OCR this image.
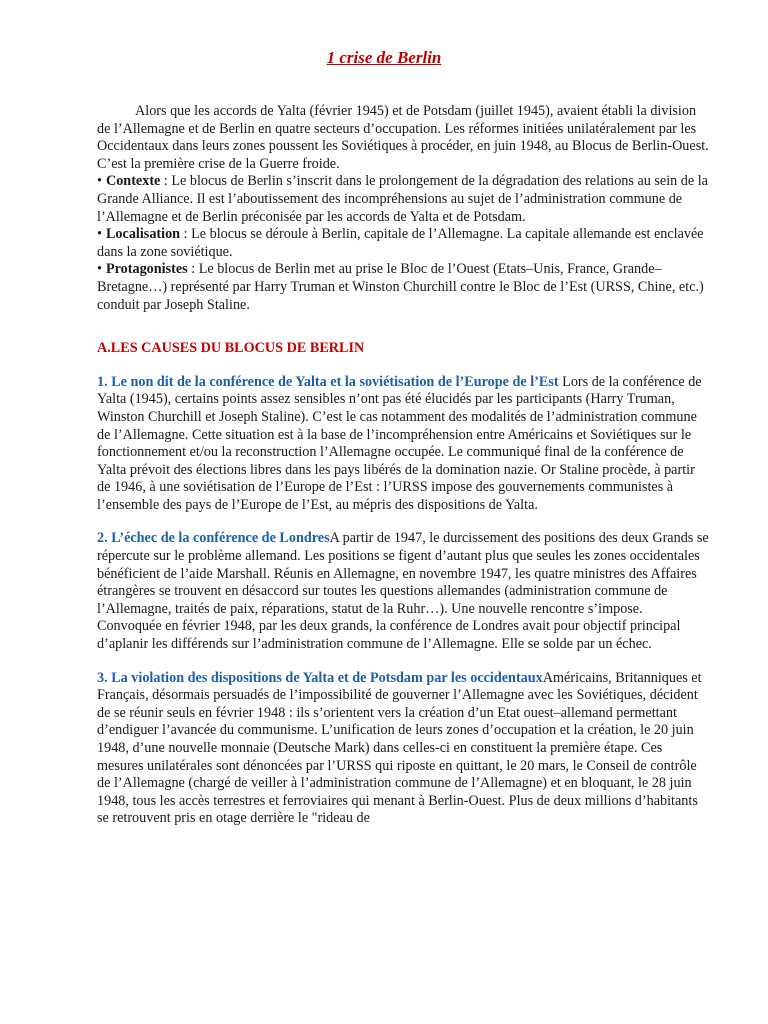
1 crise de Berlin

Alors que les accords de Yalta (février 1945) et de Potsdam (juillet 1945), avaient établi la division de l’Allemagne et de Berlin en quatre secteurs d’occupation. Les réformes initiées unilatéralement par les Occidentaux dans leurs zones poussent les Soviétiques à procéder, en juin 1948, au Blocus de Berlin-Ouest. C’est la première crise de la Guerre froide.

• Contexte : Le blocus de Berlin s’inscrit dans le prolongement de la dégradation des relations au sein de la Grande Alliance. Il est l’aboutissement des incompréhensions au sujet de l’administration commune de l’Allemagne et de Berlin préconisée par les accords de Yalta et de Potsdam.

• Localisation : Le blocus se déroule à Berlin, capitale de l’Allemagne. La capitale allemande est enclavée dans la zone soviétique.

• Protagonistes : Le blocus de Berlin met au prise le Bloc de l’Ouest (Etats–Unis, France, Grande– Bretagne…) représenté par Harry Truman et Winston Churchill contre le Bloc de l’Est (URSS, Chine, etc.) conduit par Joseph Staline.

A.LES CAUSES DU BLOCUS DE BERLIN

1. Le non dit de la conférence de Yalta et la soviétisation de l’Europe de l’Est Lors de la conférence de Yalta (1945), certains points assez sensibles n’ont pas été élucidés par les participants (Harry Truman, Winston Churchill et Joseph Staline). C’est le cas notamment des modalités de l’administration commune de l’Allemagne. Cette situation est à la base de l’incompréhension entre Américains et Soviétiques sur le fonctionnement et/ou la reconstruction l’Allemagne occupée. Le communiqué final de la conférence de Yalta prévoit des élections libres dans les pays libérés de la domination nazie. Or Staline procède, à partir de 1946, à une soviétisation de l’Europe de l’Est : l’URSS impose des gouvernements communistes à l’ensemble des pays de l’Europe de l’Est, au mépris des dispositions de Yalta.

2. L’échec de la conférence de LondresA partir de 1947, le durcissement des positions des deux Grands se répercute sur le problème allemand. Les positions se figent d’autant plus que seules les zones occidentales bénéficient de l’aide Marshall. Réunis en Allemagne, en novembre 1947, les quatre ministres des Affaires étrangères se trouvent en désaccord sur toutes les questions allemandes (administration commune de l’Allemagne, traités de paix, réparations, statut de la Ruhr…). Une nouvelle rencontre s’impose. Convoquée en février 1948, par les deux grands, la conférence de Londres avait pour objectif principal d’aplanir les différends sur l’administration commune de l’Allemagne. Elle se solde par un échec.

3. La violation des dispositions de Yalta et de Potsdam par les occidentauxAméricains, Britanniques et Français, désormais persuadés de l’impossibilité de gouverner l’Allemagne avec les Soviétiques, décident de se réunir seuls en février 1948 : ils s’orientent vers la création d’un Etat ouest–allemand permettant d’endiguer l’avancée du communisme. L’unification de leurs zones d’occupation et la création, le 20 juin 1948, d’une nouvelle monnaie (Deutsche Mark) dans celles-ci en constituent la première étape. Ces mesures unilatérales sont dénoncées par l’URSS qui riposte en quittant, le 20 mars, le Conseil de contrôle de l’Allemagne (chargé de veiller à l’administration commune de l’Allemagne) et en bloquant, le 28 juin 1948, tous les accès terrestres et ferroviaires qui menant à Berlin-Ouest. Plus de deux millions d’habitants se retrouvent pris en otage derrière le "rideau de
